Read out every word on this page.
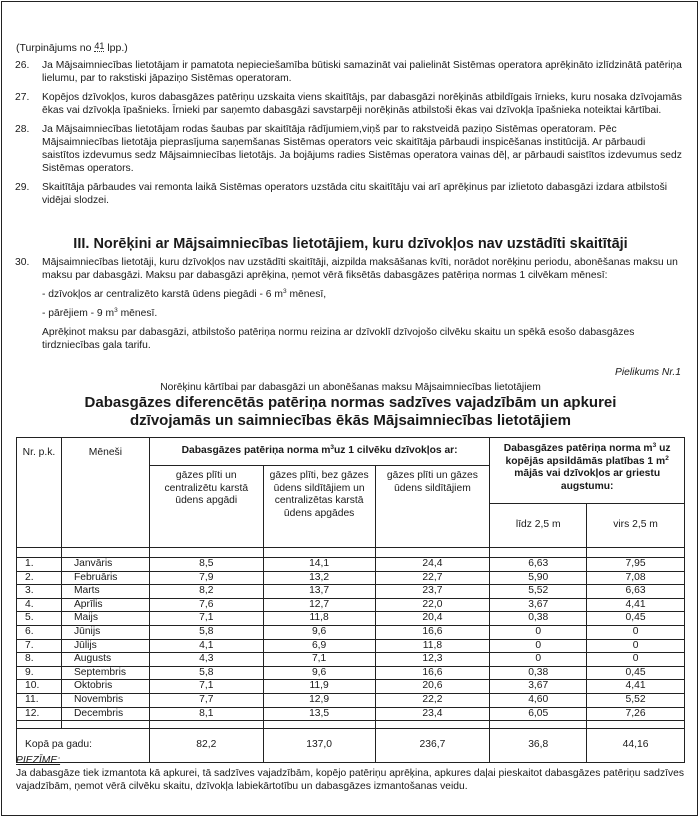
(Turpinājums no 41 lpp.)
26.	Ja Mājsaimniecības lietotājam ir pamatota nepieciešamība būtiski samazināt vai palielināt Sistēmas operatora aprēķināto izlīdzinātā patēriņa lielumu, par to rakstiski jāpaziņo Sistēmas operatoram.
27.	Kopējos dzīvokļos, kuros dabasgāzes patēriņu uzskaita viens skaitītājs, par dabasgāzi norēķinās atbildīgais īrnieks, kuru nosaka dzīvojamās ēkas vai dzīvokļa īpašnieks. Īrnieki par saņemto dabasgāzi savstarpēji norēķinās atbilstoši ēkas vai dzīvokļa īpašnieka noteiktai kārtībai.
28.	Ja Mājsaimniecības lietotājam rodas šaubas par skaitītāja rādījumiem,viņš par to rakstveidā paziņo Sistēmas operatoram. Pēc Mājsaimniecības lietotāja pieprasījuma saņemšanas Sistēmas operators veic skaitītāja pārbaudi inspicēšanas institūcijā. Ar pārbaudi saistītos izdevumus sedz Mājsaimniecības lietotājs. Ja bojājums radies Sistēmas operatora vainas dēļ, ar pārbaudi saistītos izdevumus sedz Sistēmas operators.
29.	Skaitītāja pārbaudes vai remonta laikā Sistēmas operators uzstāda citu skaitītāju vai arī aprēķinus par izlietoto dabasgāzi izdara atbilstoši vidējai slodzei.
III. Norēķini ar Mājsaimniecības lietotājiem, kuru dzīvokļos nav uzstādīti skaitītāji
30.	Mājsaimniecības lietotāji, kuru dzīvokļos nav uzstādīti skaitītāji, aizpilda maksāšanas kvīti, norādot norēķinu periodu, abonēšanas maksu un maksu par dabasgāzi. Maksu par dabasgāzi aprēķina, ņemot vērā fiksētās dabasgāzes patēriņa normas 1 cilvēkam mēnesī:
- dzīvokļos ar centralizēto karstā ūdens piegādi - 6 $m^3$ mēnesī,
- pārējiem - 9 $m^3$ mēnesī.
Aprēķinot maksu par dabasgāzi, atbilstošo patēriņa normu reizina ar dzīvoklī dzīvojošo cilvēku skaitu un spēkā esošo dabasgāzes tirdzniecības gala tarifu.
Pielikums Nr.1
Norēķinu kārtībai par dabasgāzi un abonēšanas maksu Mājsaimniecības lietotājiem
Dabasgāzes diferencētās patēriņa normas sadzīves vajadzībām un apkurei
dzīvojamās un saimniecības ēkās Mājsaimniecības lietotājiem
Nr. p.k.	Mēneši	Dabasgāzes patēriņa norma $m^3uz$ 1 cilvēku dzīvokļos ar:			Dabasgāzes patēriņa norma $m^3$ uz
kopējās apsildāmās platības 1 $m^2$
mājās vai dzīvokļos ar griestu augstumu:	
		gāzes plīti un centralizētu karstā ūdens apgādi	gāzes plīti, bez gāzes ūdens sildītājiem un centralizētas karstā ūdens apgādes	gāzes plīti un gāzes ūdens sildītājiem		
					līdz 2,5 m	virs 2,5 m

1.	Janvāris	8,5	14,1	24,4	6,63	7,95
2.	Februāris	7,9	13,2	22,7	5,90	7,08
3.	Marts	8,2	13,7	23,7	5,52	6,63
4.	Aprīlis	7,6	12,7	22,0	3,67	4,41
5.	Maijs	7,1	11,8	20,4	0,38	0,45
6.	Jūnijs	5,8	9,6	16,6	0	0
7.	Jūlijs	4,1	6,9	11,8	0	0
8.	Augusts	4,3	7,1	12,3	0	0
9.	Septembris	5,8	9,6	16,6	0,38	0,45
10.	Oktobris	7,1	11,9	20,6	3,67	4,41
11.	Novembris	7,7	12,9	22,2	4,60	5,52
12.	Decembris	8,1	13,5	23,4	6,05	7,26

Kopā pa gadu:		82,2	137,0	236,7	36,8	44,16
PIEZĪME:
Ja dabasgāze tiek izmantota kā apkurei, tā sadzīves vajadzībām, kopējo patēriņu aprēķina, apkures daļai pieskaitot dabasgāzes patēriņu sadzīves vajadzībām, ņemot vērā cilvēku skaitu, dzīvokļa labiekārtotību un dabasgāzes izmantošanas veidu.
